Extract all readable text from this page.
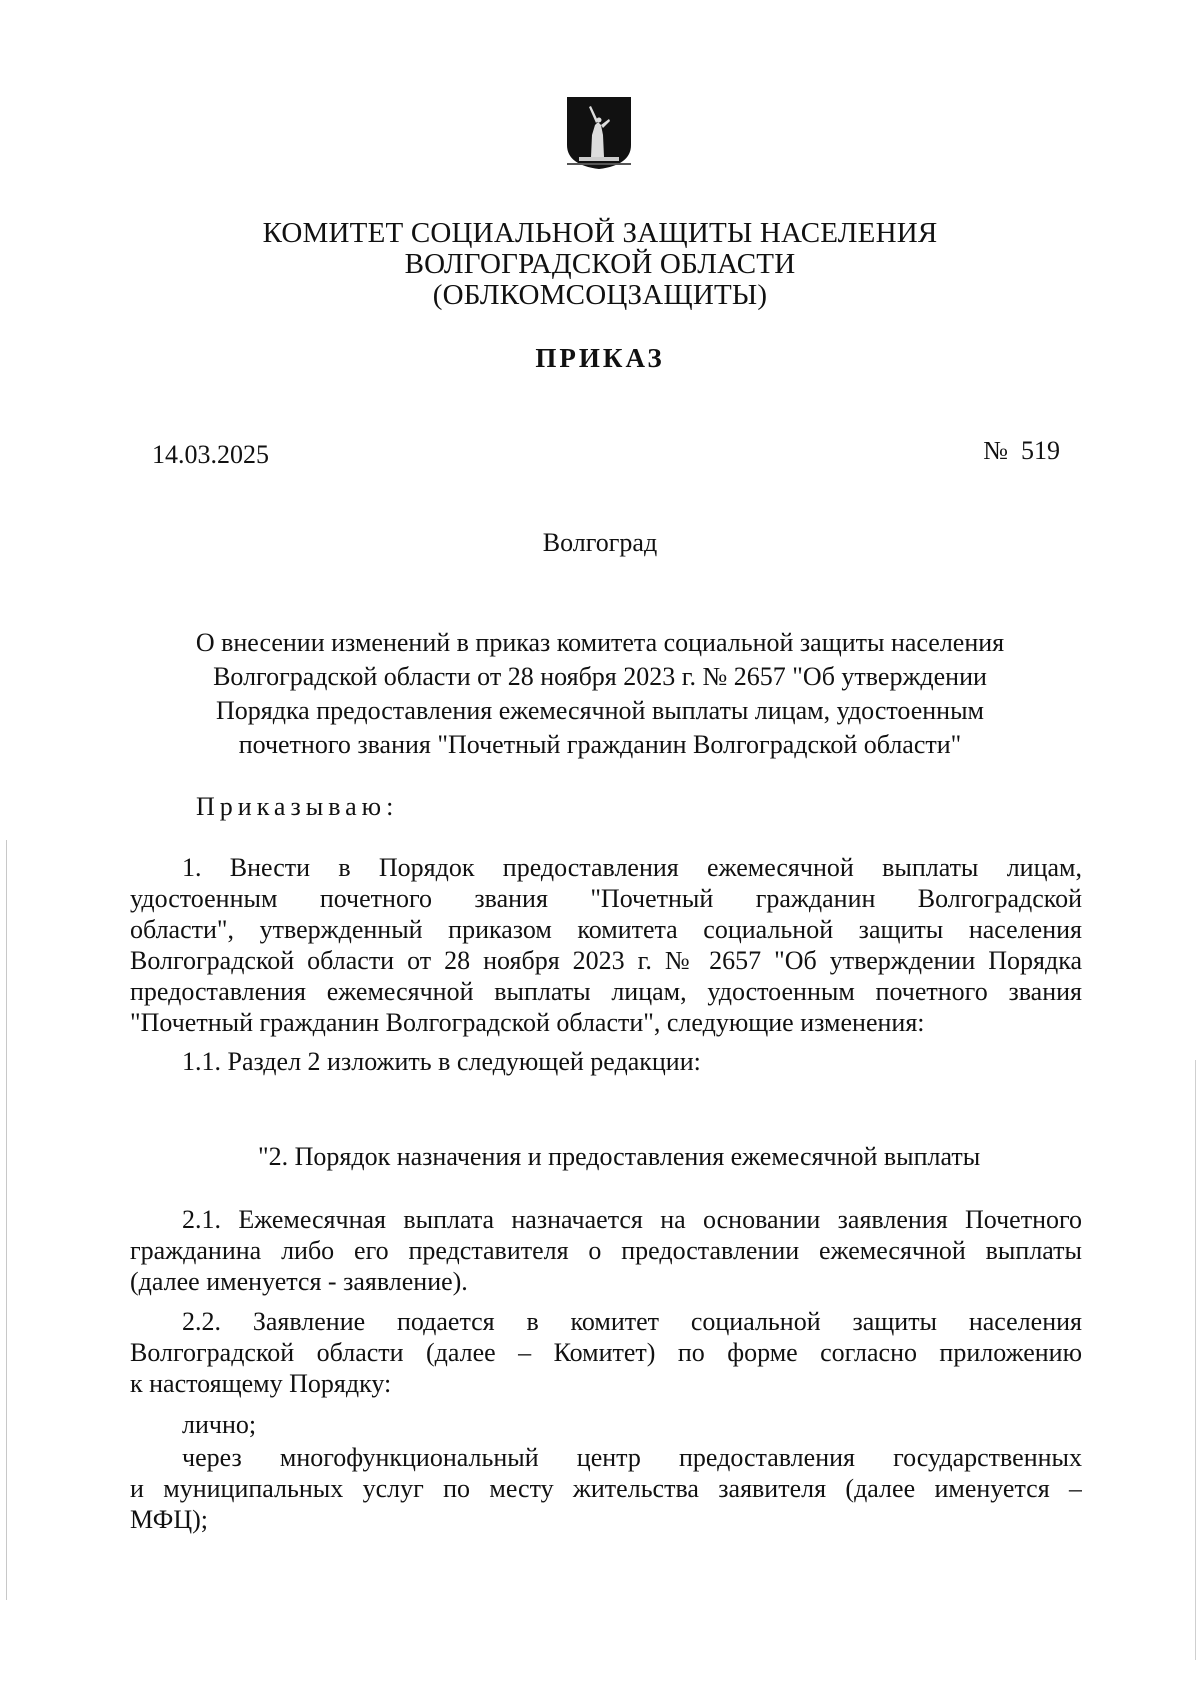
КОМИТЕТ СОЦИАЛЬНОЙ ЗАЩИТЫ НАСЕЛЕНИЯ
ВОЛГОГРАДСКОЙ ОБЛАСТИ
(ОБЛКОМСОЦЗАЩИТЫ)
ПРИКАЗ
14.03.2025	№  519
Волгоград
О внесении изменений в приказ комитета социальной защиты населения
Волгоградской области от 28 ноября 2023 г. № 2657 "Об утверждении
Порядка предоставления ежемесячной выплаты лицам, удостоенным
почетного звания "Почетный гражданин Волгоградской области"
Приказываю:
1. Внести в Порядок предоставления ежемесячной выплаты лицам,
удостоенным почетного звания "Почетный гражданин Волгоградской
области", утвержденный приказом комитета социальной защиты населения
Волгоградской области от 28 ноября 2023 г. № 2657 "Об утверждении Порядка
предоставления ежемесячной выплаты лицам, удостоенным почетного звания
"Почетный гражданин Волгоградской области", следующие изменения:
1.1. Раздел 2 изложить в следующей редакции:
"2. Порядок назначения и предоставления ежемесячной выплаты
2.1. Ежемесячная выплата назначается на основании заявления Почетного
гражданина либо его представителя о предоставлении ежемесячной выплаты
(далее именуется - заявление).
2.2. Заявление подается в комитет социальной защиты населения
Волгоградской области (далее – Комитет) по форме согласно приложению
к настоящему Порядку:
лично;
через многофункциональный центр предоставления государственных
и муниципальных услуг по месту жительства заявителя (далее именуется –
МФЦ);
